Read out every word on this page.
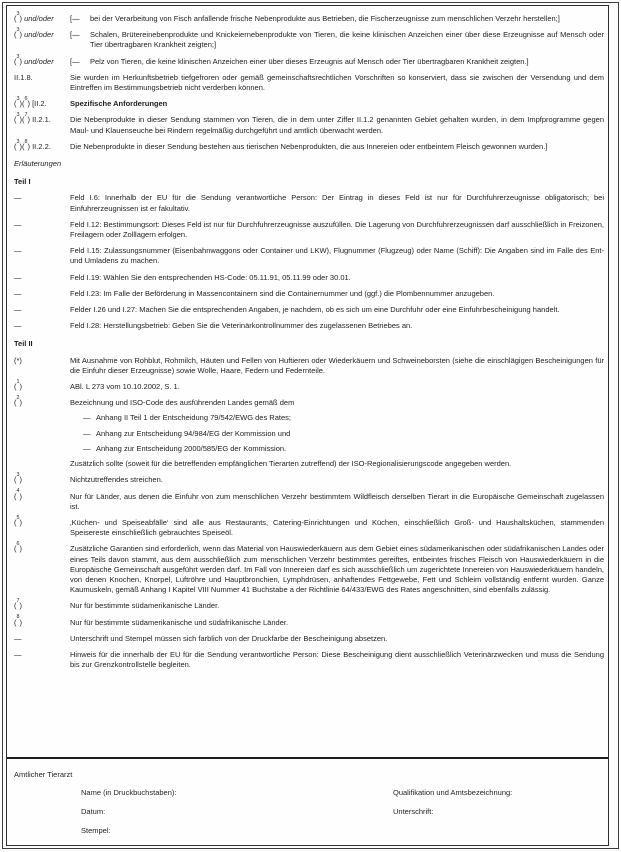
($^3$) und/oder	[—	bei der Verarbeitung von Fisch anfallende frische Nebenprodukte aus Betrieben, die Fischerzeugnisse zum menschlichen Verzehr herstellen;]
($^3$) und/oder	[—	Schalen, Brütereinebenprodukte und Knickeiernebenprodukte von Tieren, die keine klinischen Anzeichen einer über diese Erzeugnisse auf Mensch oder Tier übertragbaren Krankheit zeigten;]
($^3$) und/oder	[—	Pelz von Tieren, die keine klinischen Anzeichen einer über dieses Erzeugnis auf Mensch oder Tier übertragbaren Krankheit zeigten.]
II.1.8.	Sie wurden im Herkunftsbetrieb tiefgefroren oder gemäß gemeinschaftsrechtlichen Vorschriften so konserviert, dass sie zwischen der Versendung und dem Eintreffen im Bestimmungsbetrieb nicht verderben können.
($^3$)($^6$) [II.2.	Spezifische Anforderungen
($^3$)($^7$) II.2.1.	Die Nebenprodukte in dieser Sendung stammen von Tieren, die in dem unter Ziffer II.1.2 genannten Gebiet gehalten wurden, in dem Impfprogramme gegen Maul- und Klauenseuche bei Rindern regelmäßig durchgeführt und amtlich überwacht werden.
($^3$)($^8$) II.2.2.	Die Nebenprodukte in dieser Sendung bestehen aus tierischen Nebenprodukten, die aus Innereien oder entbeintem Fleisch gewonnen wurden.]
Erläuterungen
Teil I
—	Feld I.6: Innerhalb der EU für die Sendung verantwortliche Person: Der Eintrag in dieses Feld ist nur für Durchfuhrerzeugnisse obligatorisch; bei Einfuhrerzeugnissen ist er fakultativ.
—	Feld I.12: Bestimmungsort: Dieses Feld ist nur für Durchfuhrerzeugnisse auszufüllen. Die Lagerung von Durchfuhrerzeugnissen darf ausschließlich in Freizonen, Freilagern oder Zolllagern erfolgen.
—	Feld I.15: Zulassungsnummer (Eisenbahnwaggons oder Container und LKW), Flugnummer (Flugzeug) oder Name (Schiff): Die Angaben sind im Falle des Ent- und Umladens zu machen.
—	Feld I.19: Wählen Sie den entsprechenden HS-Code: 05.11.91, 05.11.99 oder 30.01.
—	Feld I.23: Im Falle der Beförderung in Massencontainern sind die Containernummer und (ggf.) die Plombennummer anzugeben.
—	Felder I.26 und I.27: Machen Sie die entsprechenden Angaben, je nachdem, ob es sich um eine Durchfuhr oder eine Einfuhrbescheinigung handelt.
—	Feld I.28: Herstellungsbetrieb: Geben Sie die Veterinärkontrollnummer des zugelassenen Betriebes an.
Teil II
(*)	Mit Ausnahme von Rohblut, Rohmilch, Häuten und Fellen von Huftieren oder Wiederkäuern und Schweineborsten (siehe die einschlägigen Bescheinigungen für die Einfuhr dieser Erzeugnisse) sowie Wolle, Haare, Federn und Federnteile.
($^1$)	ABl. L 273 vom 10.10.2002, S. 1.
($^2$)	Bezeichnung und ISO-Code des ausführenden Landes gemäß dem
— Anhang II Teil 1 der Entscheidung 79/542/EWG des Rates;
— Anhang zur Entscheidung 94/984/EG der Kommission und
— Anhang zur Entscheidung 2000/585/EG der Kommission.
Zusätzlich sollte (soweit für die betreffenden empfänglichen Tierarten zutreffend) der ISO-Regionalisierungscode angegeben werden.
($^3$)	Nichtzutreffendes streichen.
($^4$)	Nur für Länder, aus denen die Einfuhr von zum menschlichen Verzehr bestimmtem Wildfleisch derselben Tierart in die Europäische Gemeinschaft zugelassen ist.
($^5$)	‚Küchen- und Speiseabfälle‘ sind alle aus Restaurants, Catering-Einrichtungen und Küchen, einschließlich Groß- und Haushaltsküchen, stammenden Speisereste einschließlich gebrauchtes Speiseöl.
($^6$)	Zusätzliche Garantien sind erforderlich, wenn das Material von Hauswiederkäuern aus dem Gebiet eines südamerikanischen oder südafrikanischen Landes oder eines Teils davon stammt, aus dem ausschließlich zum menschlichen Verzehr bestimmtes gereiftes, entbeintes frisches Fleisch von Hauswiederkäuern in die Europäische Gemeinschaft ausgeführt werden darf. Im Fall von Innereien darf es sich ausschließlich um zugerichtete Innereien von Hauswiederkäuern handeln, von denen Knochen, Knorpel, Luftröhre und Hauptbronchien, Lymphdrüsen, anhaftendes Fettgewebe, Fett und Schleim vollständig entfernt wurden. Ganze Kaumuskeln, gemäß Anhang I Kapitel VIII Nummer 41 Buchstabe a der Richtlinie 64/433/EWG des Rates angeschnitten, sind ebenfalls zulässig.
($^7$)	Nur für bestimmte südamerikanische Länder.
($^8$)	Nur für bestimmte südamerikanische und südafrikanische Länder.
—	Unterschrift und Stempel müssen sich farblich von der Druckfarbe der Bescheinigung absetzen.
—	Hinweis für die innerhalb der EU für die Sendung verantwortliche Person: Diese Bescheinigung dient ausschließlich Veterinärzwecken und muss die Sendung bis zur Grenzkontrollstelle begleiten.
Amtlicher Tierarzt
Name (in Druckbuchstaben):	Qualifikation und Amtsbezeichnung:
Datum:	Unterschrift:
Stempel:
